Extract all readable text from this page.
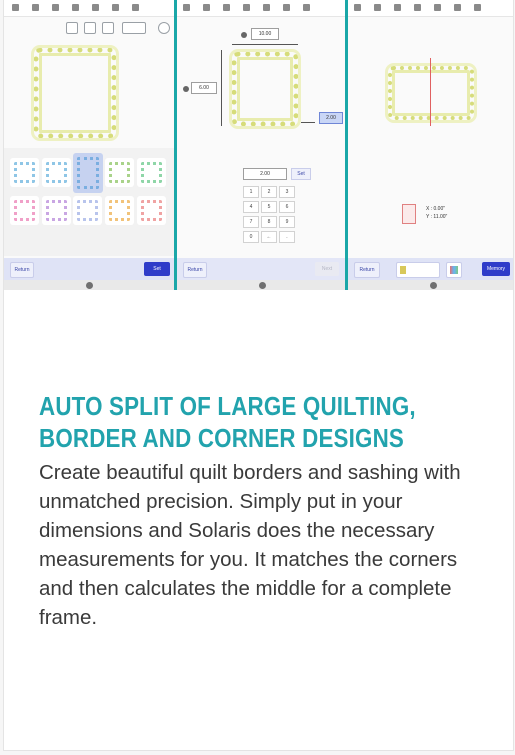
Return	Set
10.00
6.00
2.00
2.00	Set
1	2	3
4	5	6
7	8	9
0	←	.
Return	Next
X : 0.00"
Y : 11.00"
Return	Memory
AUTO SPLIT OF LARGE QUILTING,
BORDER AND CORNER DESIGNS

Create beautiful quilt borders and sashing with unmatched precision. Simply put in your dimensions and Solaris does the necessary measurements for you. It matches the corners and then calculates the middle for a complete frame.
